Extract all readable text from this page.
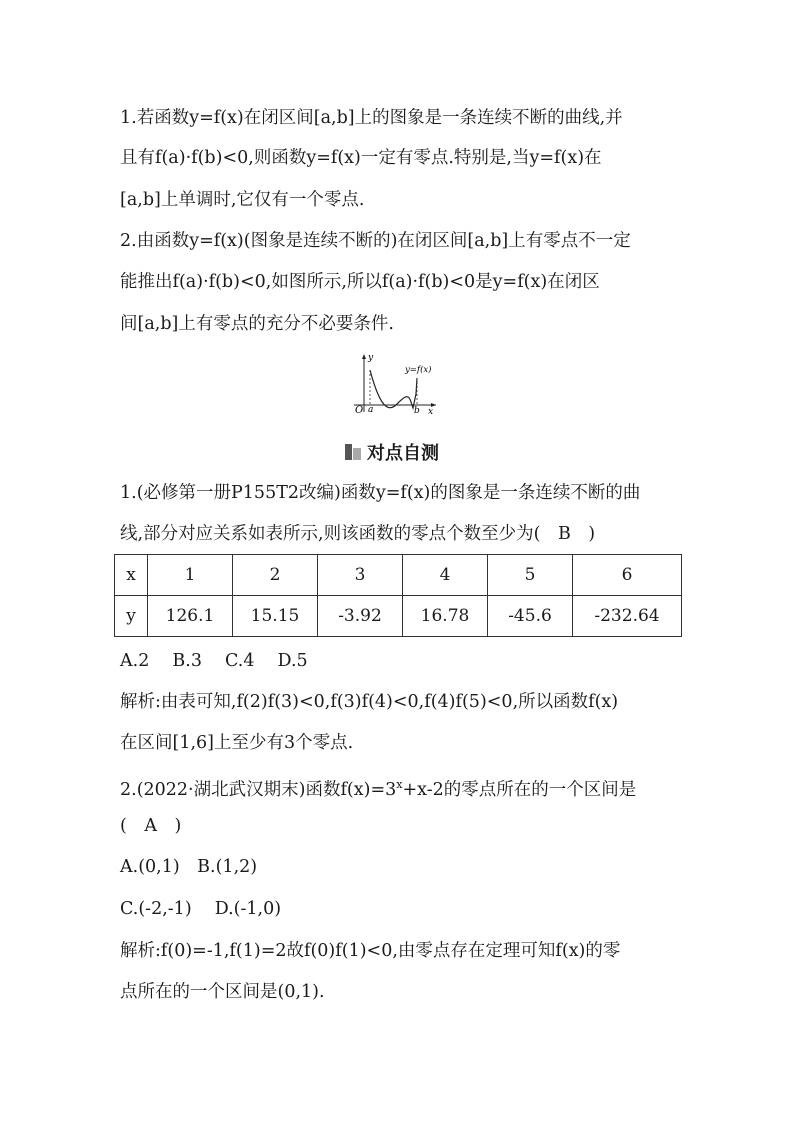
1.若函数y=f(x)在闭区间[a,b]上的图象是一条连续不断的曲线,并
且有f(a)·f(b)<0,则函数y=f(x)一定有零点.特别是,当y=f(x)在
[a,b]上单调时,它仅有一个零点.
2.由函数y=f(x)(图象是连续不断的)在闭区间[a,b]上有零点不一定
能推出f(a)·f(b)<0,如图所示,所以f(a)·f(b)<0是y=f(x)在闭区
间[a,b]上有零点的充分不必要条件.
y
x
O a	b
y=f(x)
对点自测
1.(必修第一册P155T2改编)函数y=f(x)的图象是一条连续不断的曲
线,部分对应关系如表所示,则该函数的零点个数至少为(　B　)
x	1	2	3	4	5	6
y	126.1	15.15	-3.92	16.78	-45.6	-232.64
A.2　 B.3　 C.4　 D.5
解析:由表可知,f(2)f(3)<0,f(3)f(4)<0,f(4)f(5)<0,所以函数f(x)
在区间[1,6]上至少有3个零点.
2.(2022·湖北武汉期末)函数$f(x)=3^x+x-2$的零点所在的一个区间是
(　A　)
A.(0,1)　B.(1,2)
C.(-2,-1)　 D.(-1,0)
解析:f(0)=-1,f(1)=2故f(0)f(1)<0,由零点存在定理可知f(x)的零
点所在的一个区间是(0,1).
